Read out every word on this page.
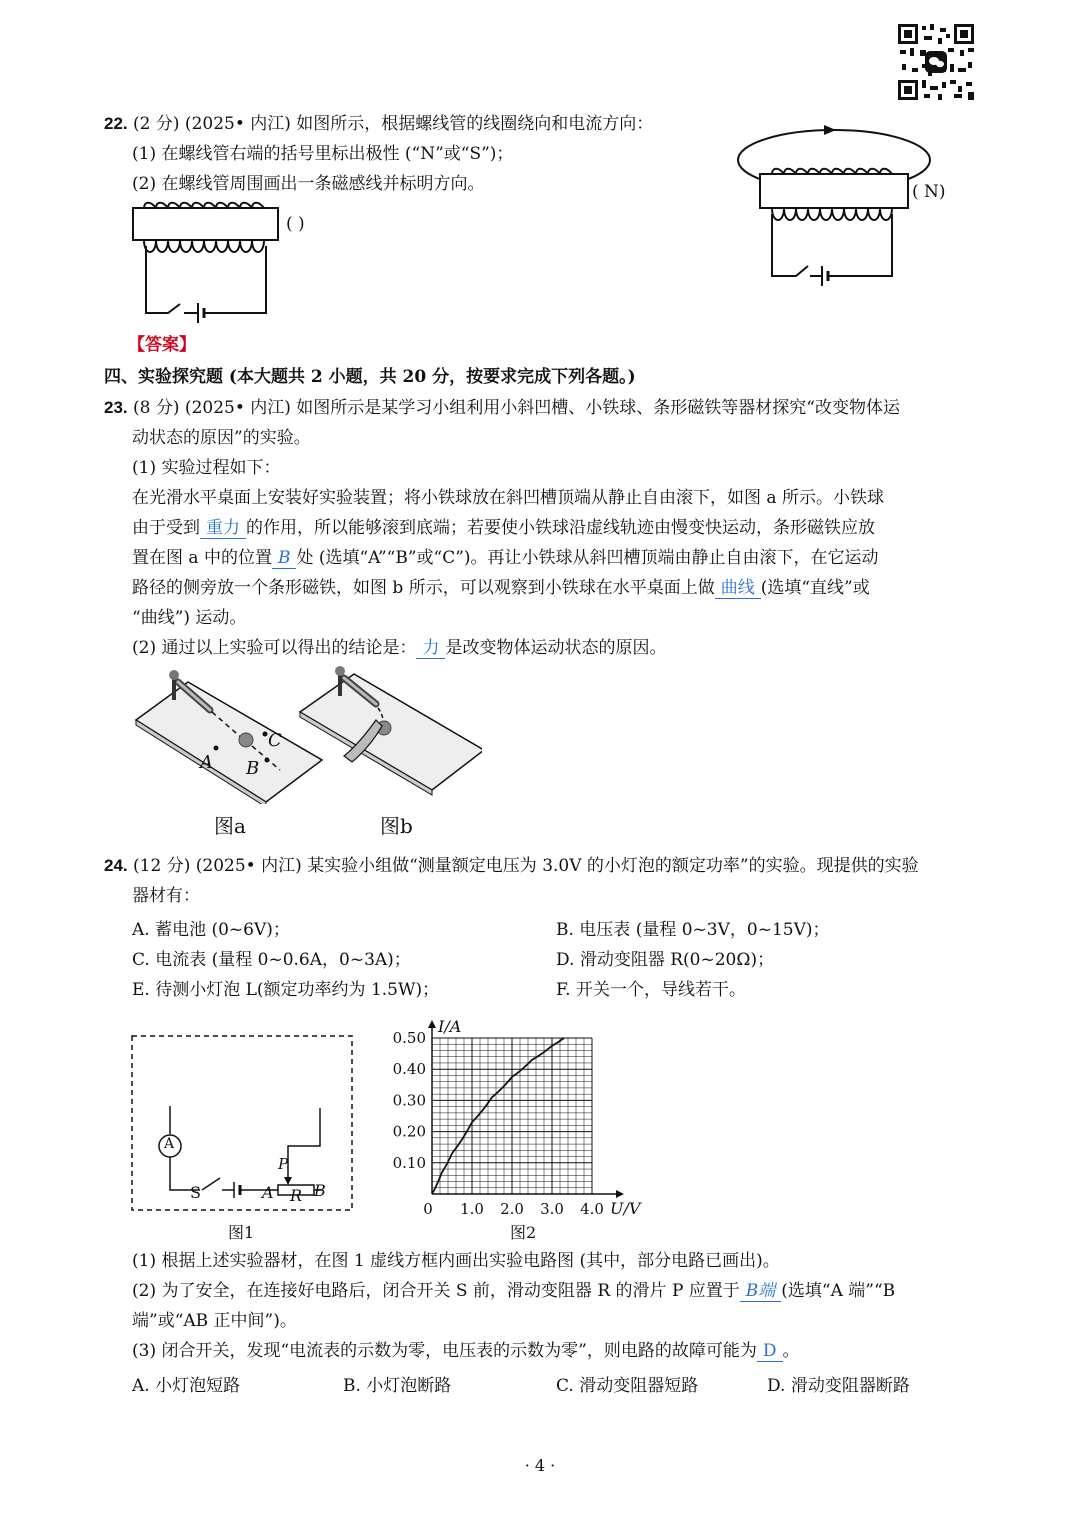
22. (2 分) (2025• 内江) 如图所示，根据螺线管的线圈绕向和电流方向：
(1) 在螺线管右端的括号里标出极性 (“N”或“S”)；
(2) 在螺线管周围画出一条磁感线并标明方向。
( )
( N)
【答案】
四、实验探究题 (本大题共 2 小题，共 20 分，按要求完成下列各题。)
23. (8 分) (2025• 内江) 如图所示是某学习小组利用小斜凹槽、小铁球、条形磁铁等器材探究“改变物体运
动状态的原因”的实验。
(1) 实验过程如下：
在光滑水平桌面上安装好实验装置；将小铁球放在斜凹槽顶端从静止自由滚下，如图 a 所示。小铁球
由于受到 重力 的作用，所以能够滚到底端；若要使小铁球沿虚线轨迹由慢变快运动，条形磁铁应放
置在图 a 中的位置 B 处 (选填“A”“B”或“C”)。再让小铁球从斜凹槽顶端由静止自由滚下，在它运动
路径的侧旁放一个条形磁铁，如图 b 所示，可以观察到小铁球在水平桌面上做 曲线 (选填“直线”或
“曲线”) 运动。
(2) 通过以上实验可以得出的结论是： 力 是改变物体运动状态的原因。
A B
C
图a	图b
24. (12 分) (2025• 内江) 某实验小组做“测量额定电压为 3.0V 的小灯泡的额定功率”的实验。现提供的实验
器材有：
A. 蓄电池 (0~6V)；	B. 电压表 (量程 0~3V，0~15V)；
C. 电流表 (量程 0~0.6A，0~3A)；	D. 滑动变阻器 R(0~20Ω)；
E. 待测小灯泡 L(额定功率约为 1.5W)；	F. 开关一个，导线若干。
A
S	A R B
P
图1
0 1.0 2.0 3.0 4.0
0.10
0.20
0.30
0.40
0.50
U/V
I/A
图2
(1) 根据上述实验器材，在图 1 虚线方框内画出实验电路图 (其中，部分电路已画出)。
(2) 为了安全，在连接好电路后，闭合开关 S 前，滑动变阻器 R 的滑片 P 应置于 B端 (选填“A 端”“B
端”或“AB 正中间”)。
(3) 闭合开关，发现“电流表的示数为零，电压表的示数为零”，则电路的故障可能为 D 。
A. 小灯泡短路	B. 小灯泡断路	C. 滑动变阻器短路	D. 滑动变阻器断路
· 4 ·
